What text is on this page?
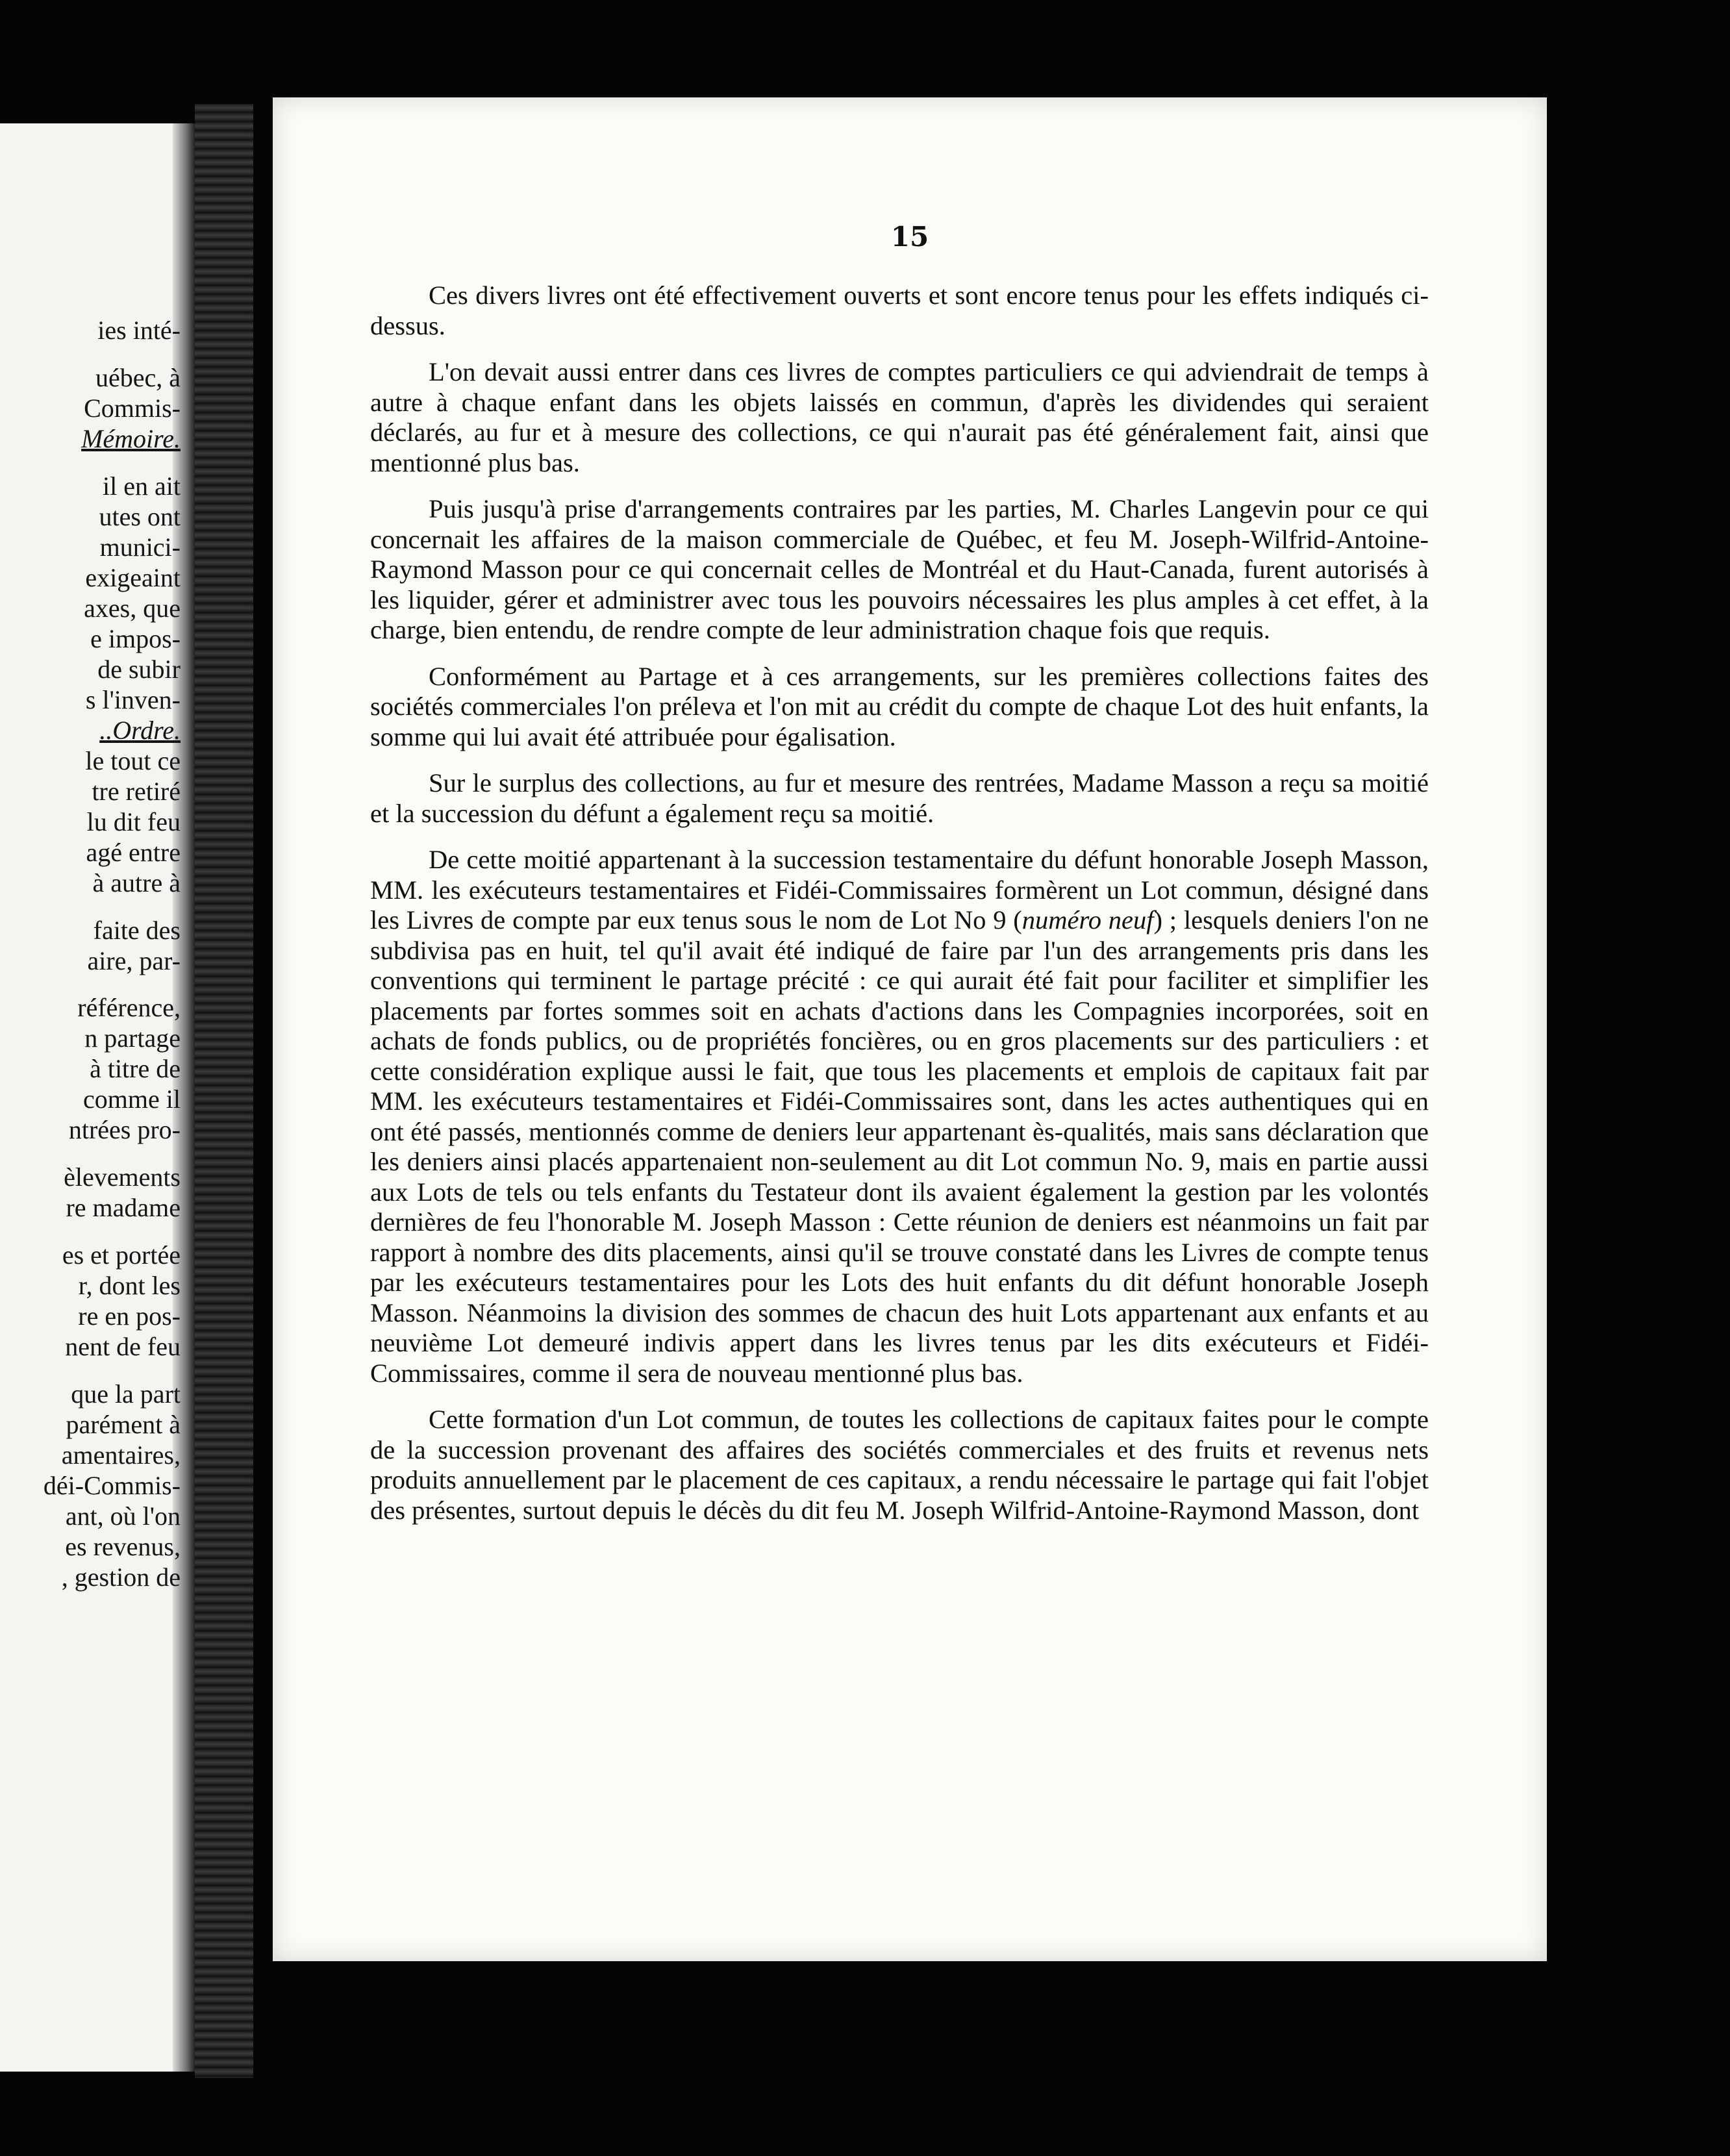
ies inté-
uébec, à
Commis-
Mémoire.
il en ait
utes ont
munici-
exigeaint
axes, que
e impos-
de subir
s l'inven-
..Ordre.
le tout ce
tre retiré
lu dit feu
agé entre
à autre à
faite des
aire, par-
référence,
n partage
à titre de
comme il
ntrées pro-
èlevements
re madame
es et portée
r, dont les
re en pos-
nent de feu
que la part
parément à
amentaires,
déi-Commis-
ant, où l'on
es revenus,
, gestion de
15

Ces divers livres ont été effectivement ouverts et sont encore tenus pour les effets indiqués ci-dessus.

L'on devait aussi entrer dans ces livres de comptes particuliers ce qui adviendrait de temps à autre à chaque enfant dans les objets laissés en commun, d'après les dividendes qui seraient déclarés, au fur et à mesure des collections, ce qui n'aurait pas été généralement fait, ainsi que mentionné plus bas.

Puis jusqu'à prise d'arrangements contraires par les parties, M. Charles Langevin pour ce qui concernait les affaires de la maison commerciale de Québec, et feu M. Joseph-Wilfrid-Antoine-Raymond Masson pour ce qui concernait celles de Montréal et du Haut-Canada, furent autorisés à les liquider, gérer et administrer avec tous les pouvoirs nécessaires les plus amples à cet effet, à la charge, bien entendu, de rendre compte de leur administration chaque fois que requis.

Conformément au Partage et à ces arrangements, sur les premières collections faites des sociétés commerciales l'on préleva et l'on mit au crédit du compte de chaque Lot des huit enfants, la somme qui lui avait été attribuée pour égalisation.

Sur le surplus des collections, au fur et mesure des rentrées, Madame Masson a reçu sa moitié et la succession du défunt a également reçu sa moitié.

De cette moitié appartenant à la succession testamentaire du défunt honorable Joseph Masson, MM. les exécuteurs testamentaires et Fidéi-Commissaires formèrent un Lot commun, désigné dans les Livres de compte par eux tenus sous le nom de Lot No 9 (numéro neuf) ; lesquels deniers l'on ne subdivisa pas en huit, tel qu'il avait été indiqué de faire par l'un des arrangements pris dans les conventions qui terminent le partage précité : ce qui aurait été fait pour faciliter et simplifier les placements par fortes sommes soit en achats d'actions dans les Compagnies incorporées, soit en achats de fonds publics, ou de propriétés foncières, ou en gros placements sur des particuliers : et cette considération explique aussi le fait, que tous les placements et emplois de capitaux fait par MM. les exécuteurs testamentaires et Fidéi-Commissaires sont, dans les actes authentiques qui en ont été passés, mentionnés comme de deniers leur appartenant ès-qualités, mais sans déclaration que les deniers ainsi placés appartenaient non-seulement au dit Lot commun No. 9, mais en partie aussi aux Lots de tels ou tels enfants du Testateur dont ils avaient également la gestion par les volontés dernières de feu l'honorable M. Joseph Masson : Cette réunion de deniers est néanmoins un fait par rapport à nombre des dits placements, ainsi qu'il se trouve constaté dans les Livres de compte tenus par les exécuteurs testamentaires pour les Lots des huit enfants du dit défunt honorable Joseph Masson. Néanmoins la division des sommes de chacun des huit Lots appartenant aux enfants et au neuvième Lot demeuré indivis appert dans les livres tenus par les dits exécuteurs et Fidéi-Commissaires, comme il sera de nouveau mentionné plus bas.

Cette formation d'un Lot commun, de toutes les collections de capitaux faites pour le compte de la succession provenant des affaires des sociétés commerciales et des fruits et revenus nets produits annuellement par le placement de ces capitaux, a rendu nécessaire le partage qui fait l'objet des présentes, surtout depuis le décès du dit feu M. Joseph Wilfrid-Antoine-Raymond Masson, dont
